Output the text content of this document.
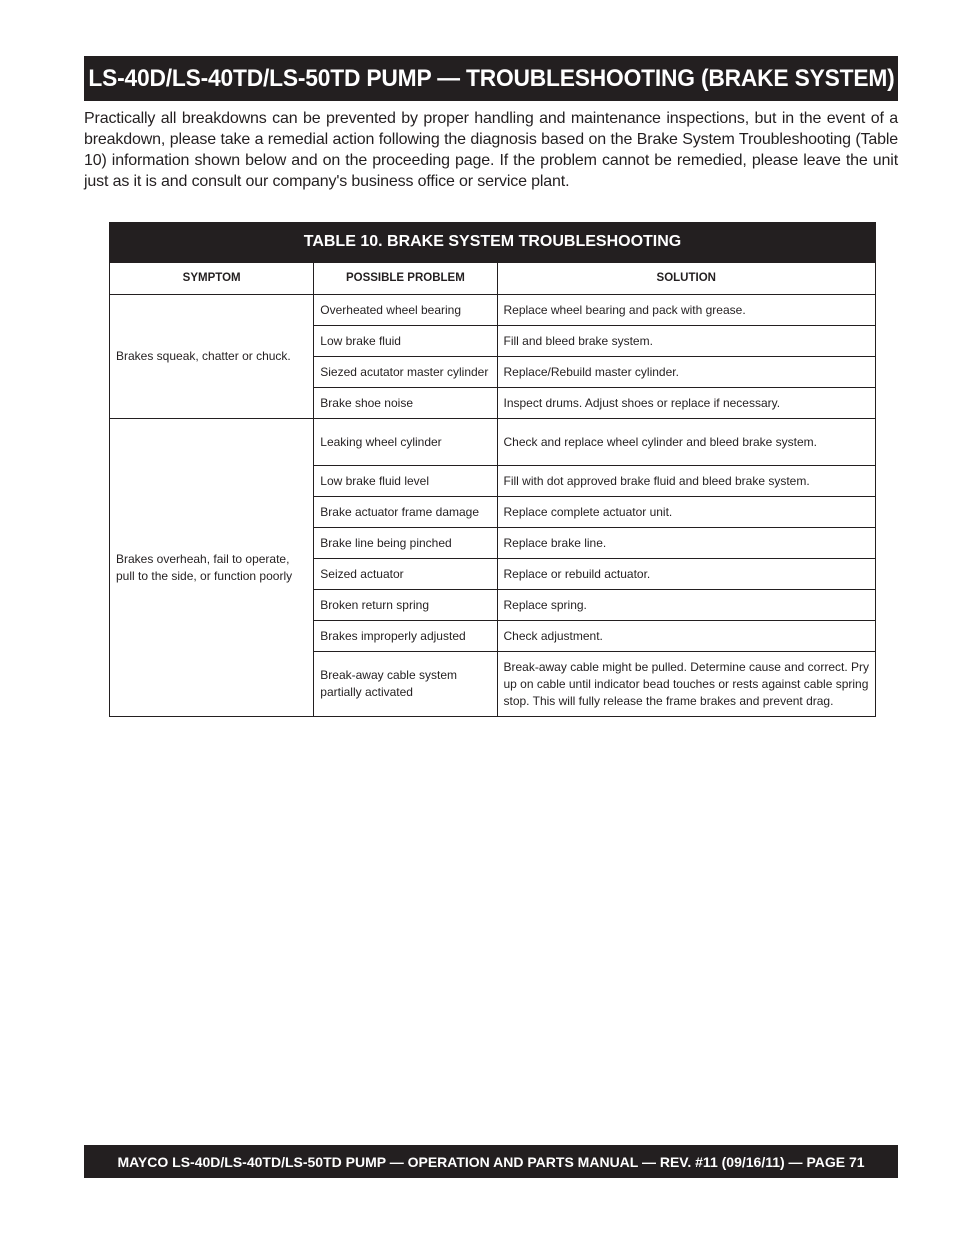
LS-40D/LS-40TD/LS-50TD PUMP — TROUBLESHOOTING (BRAKE SYSTEM)

Practically all breakdowns can be prevented by proper handling and maintenance inspections, but in the event of a breakdown, please take a remedial action following the diagnosis based on the Brake System Troubleshooting (Table 10) information shown below and on the proceeding page. If the problem cannot be remedied, please leave the unit just as it is and consult our company's business office or service plant.

TABLE 10. BRAKE SYSTEM TROUBLESHOOTING
SYMPTOM	POSSIBLE PROBLEM	SOLUTION
Brakes squeak, chatter or chuck.	Overheated wheel bearing	Replace wheel bearing and pack with grease.
	Low brake fluid	Fill and bleed brake system.
	Siezed acutator master cylinder	Replace/Rebuild master cylinder.
	Brake shoe noise	Inspect drums. Adjust shoes or replace if necessary.
Brakes overheah, fail to operate, pull to the side, or function poorly	Leaking wheel cylinder	Check and replace wheel cylinder and bleed brake system.
	Low brake fluid level	Fill with dot approved brake fluid and bleed brake system.
	Brake actuator frame damage	Replace complete actuator unit.
	Brake line being pinched	Replace brake line.
	Seized actuator	Replace or rebuild actuator.
	Broken return spring	Replace spring.
	Brakes improperly adjusted	Check adjustment.
	Break-away cable system partially activated	Break-away cable might be pulled. Determine cause and correct. Pry up on cable until indicator bead touches or rests against cable spring stop. This will fully release the frame brakes and prevent drag.
MAYCO LS-40D/LS-40TD/LS-50TD PUMP — OPERATION AND PARTS MANUAL — REV. #11 (09/16/11) — PAGE 71
